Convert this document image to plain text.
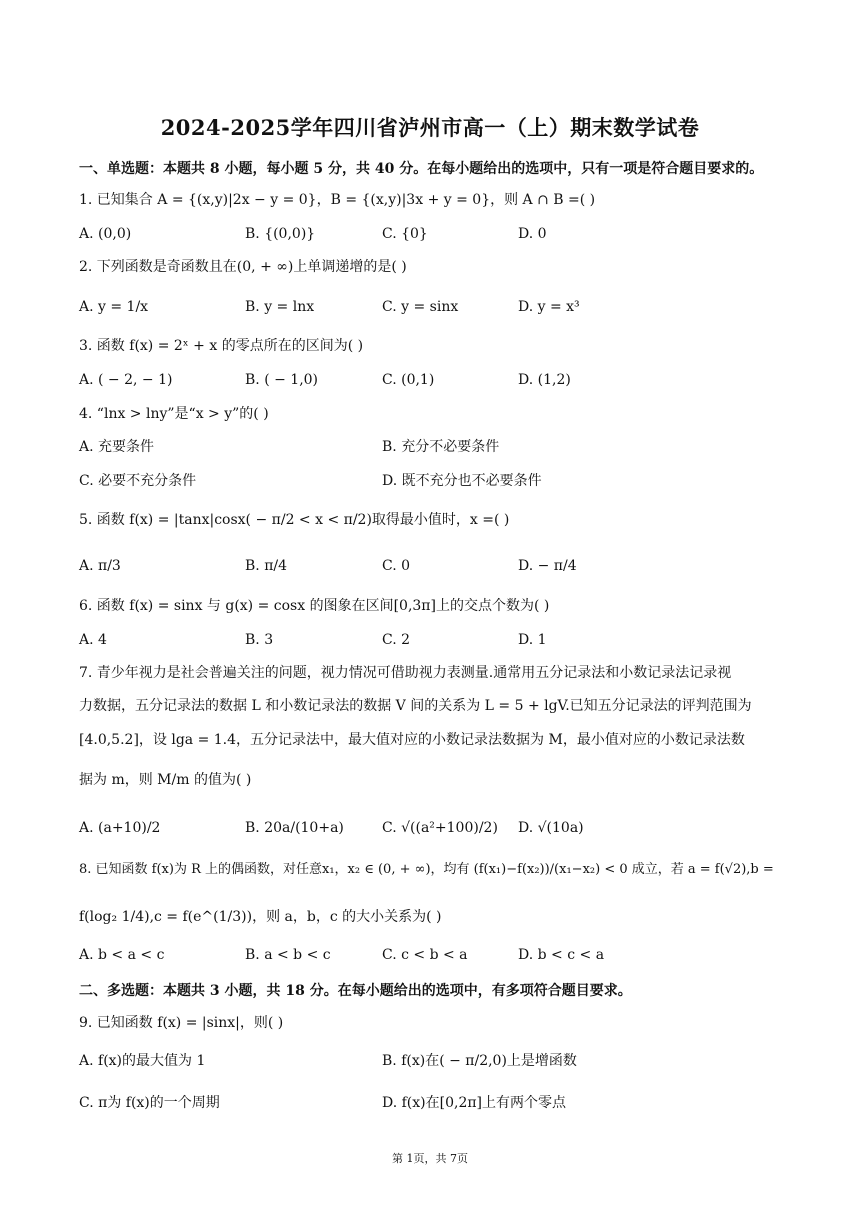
2024-2025学年四川省泸州市高一（上）期末数学试卷
一、单选题：本题共 8 小题，每小题 5 分，共 40 分。在每小题给出的选项中，只有一项是符合题目要求的。
1. 已知集合 A = {(x,y)|2x − y = 0}，B = {(x,y)|3x + y = 0}，则 A ∩ B =( )
A. (0,0)	B. {(0,0)}	C. {0}	D. 0
2. 下列函数是奇函数且在(0, + ∞)上单调递增的是( )
A. y = 1/x	B. y = lnx	C. y = sinx	D. y = x³
3. 函数 f(x) = 2ˣ + x 的零点所在的区间为( )
A. ( − 2, − 1)	B. ( − 1,0)	C. (0,1)	D. (1,2)
4. “lnx > lny”是“x > y”的( )
A. 充要条件	B. 充分不必要条件
C. 必要不充分条件	D. 既不充分也不必要条件
5. 函数 f(x) = |tanx|cosx( − π/2 < x < π/2)取得最小值时，x =( )
A. π/3	B. π/4	C. 0	D. − π/4
6. 函数 f(x) = sinx 与 g(x) = cosx 的图象在区间[0,3π]上的交点个数为( )
A. 4	B. 3	C. 2	D. 1
7. 青少年视力是社会普遍关注的问题，视力情况可借助视力表测量.通常用五分记录法和小数记录法记录视
力数据，五分记录法的数据 L 和小数记录法的数据 V 间的关系为 L = 5 + lgV.已知五分记录法的评判范围为
[4.0,5.2]，设 lga = 1.4，五分记录法中，最大值对应的小数记录法数据为 M，最小值对应的小数记录法数
据为 m，则 M/m 的值为( )
A. (a+10)/2	B. 20a/(10+a)	C. √((a²+100)/2) D. √(10a)
8. 已知函数 f(x)为 R 上的偶函数，对任意x₁，x₂ ∈ (0, + ∞)，均有 (f(x₁)−f(x₂))/(x₁−x₂) < 0 成立，若 a = f(√2),b =
f(log₂ 1/4),c = f(e^(1/3))，则 a，b，c 的大小关系为( )
A. b < a < c	B. a < b < c	C. c < b < a	D. b < c < a
二、多选题：本题共 3 小题，共 18 分。在每小题给出的选项中，有多项符合题目要求。
9. 已知函数 f(x) = |sinx|，则( )
A. f(x)的最大值为 1	B. f(x)在( − π/2,0)上是增函数
C. π为 f(x)的一个周期	D. f(x)在[0,2π]上有两个零点
第 1页，共 7页
